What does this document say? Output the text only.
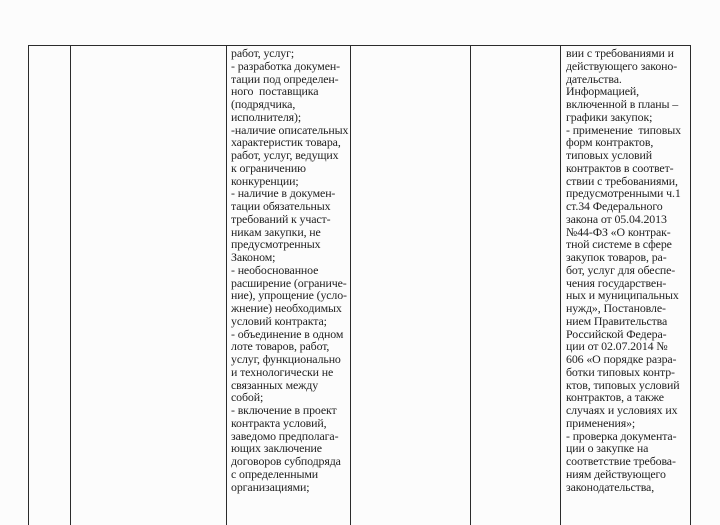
работ, услуг;
- разработка докумен-
тации под определен-
ного  поставщика
(подрядчика,
исполнителя);
-наличие описательных
характеристик товара,
работ, услуг, ведущих
к ограничению
конкуренции;
- наличие в докумен-
тации обязательных
требований к участ-
никам закупки, не
предусмотренных
Законом;
- необоснованное
расширение (ограниче-
ние), упрощение (усло-
жнение) необходимых
условий контракта;
- объединение в одном
лоте товаров, работ,
услуг, функционально
и технологически не
связанных между
собой;
- включение в проект
контракта условий,
заведомо предполага-
ющих заключение
договоров субподряда
с определенными
организациями;
вии с требованиями и
действующего законо-
дательства.
Информацией,
включенной в планы –
графики закупок;
- применение  типовых
форм контрактов,
типовых условий
контрактов в соответ-
ствии с требованиями,
предусмотренными ч.1
ст.34 Федерального
закона от 05.04.2013
№44-ФЗ «О контрак-
тной системе в сфере
закупок товаров, ра-
бот, услуг для обеспе-
чения государствен-
ных и муниципальных
нужд», Постановле-
нием Правительства
Российской Федера-
ции от 02.07.2014 №
606 «О порядке разра-
ботки типовых контр-
ктов, типовых условий
контрактов, а также
случаях и условиях их
применения»;
- проверка документа-
ции о закупке на
соответствие требова-
ниям действующего
законодательства,
